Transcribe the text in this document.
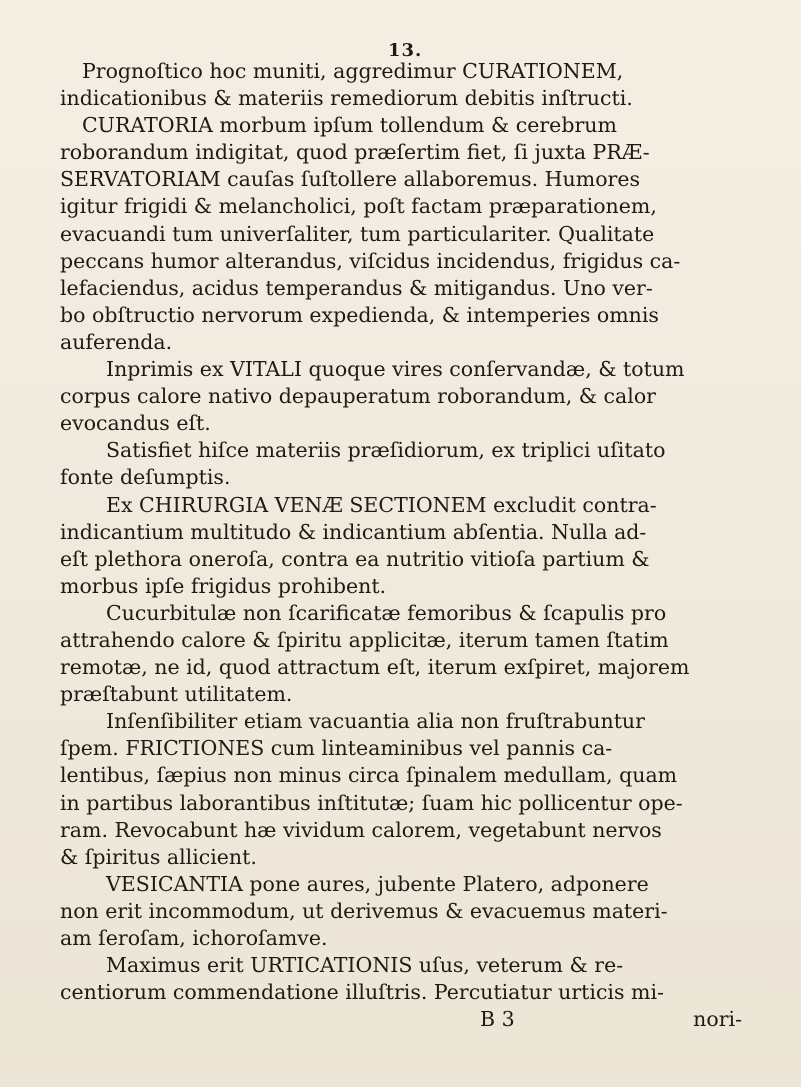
13.
Prognoſtico hoc muniti, aggredimur CURATIONEM,
indicationibus & materiis remediorum debitis inſtructi.
CURATORIA morbum ipſum tollendum & cerebrum
roborandum indigitat, quod præſertim fiet, ſi juxta PRÆ-
SERVATORIAM cauſas ſuſtollere allaboremus. Humores
igitur frigidi & melancholici, poſt factam præparationem,
evacuandi tum univerſaliter, tum particulariter. Qualitate
peccans humor alterandus, viſcidus incidendus, frigidus ca-
lefaciendus, acidus temperandus & mitigandus. Uno ver-
bo obſtructio nervorum expedienda, & intemperies omnis
auferenda.
Inprimis ex VITALI quoque vires conſervandæ, & totum
corpus calore nativo depauperatum roborandum, & calor
evocandus eſt.
Satisfiet hiſce materiis præſidiorum, ex triplici uſitato
fonte deſumptis.
Ex CHIRURGIA VENÆ SECTIONEM excludit contra-
indicantium multitudo & indicantium abſentia. Nulla ad-
eſt plethora oneroſa, contra ea nutritio vitioſa partium &
morbus ipſe frigidus prohibent.
Cucurbitulæ non ſcarificatæ femoribus & ſcapulis pro
attrahendo calore & ſpiritu applicitæ, iterum tamen ſtatim
remotæ, ne id, quod attractum eſt, iterum exſpiret, majorem
præſtabunt utilitatem.
Inſenſibiliter etiam vacuantia alia non fruſtrabuntur
ſpem. FRICTIONES cum linteaminibus vel pannis ca-
lentibus, ſæpius non minus circa ſpinalem medullam, quam
in partibus laborantibus inſtitutæ; ſuam hic pollicentur ope-
ram. Revocabunt hæ vividum calorem, vegetabunt nervos
& ſpiritus allicient.
VESICANTIA pone aures, jubente Platero, adponere
non erit incommodum, ut derivemus & evacuemus materi-
am ſeroſam, ichoroſamve.
Maximus erit URTICATIONIS uſus, veterum & re-
centiorum commendatione illuſtris. Percutiatur urticis mi-
B 3	nori-
